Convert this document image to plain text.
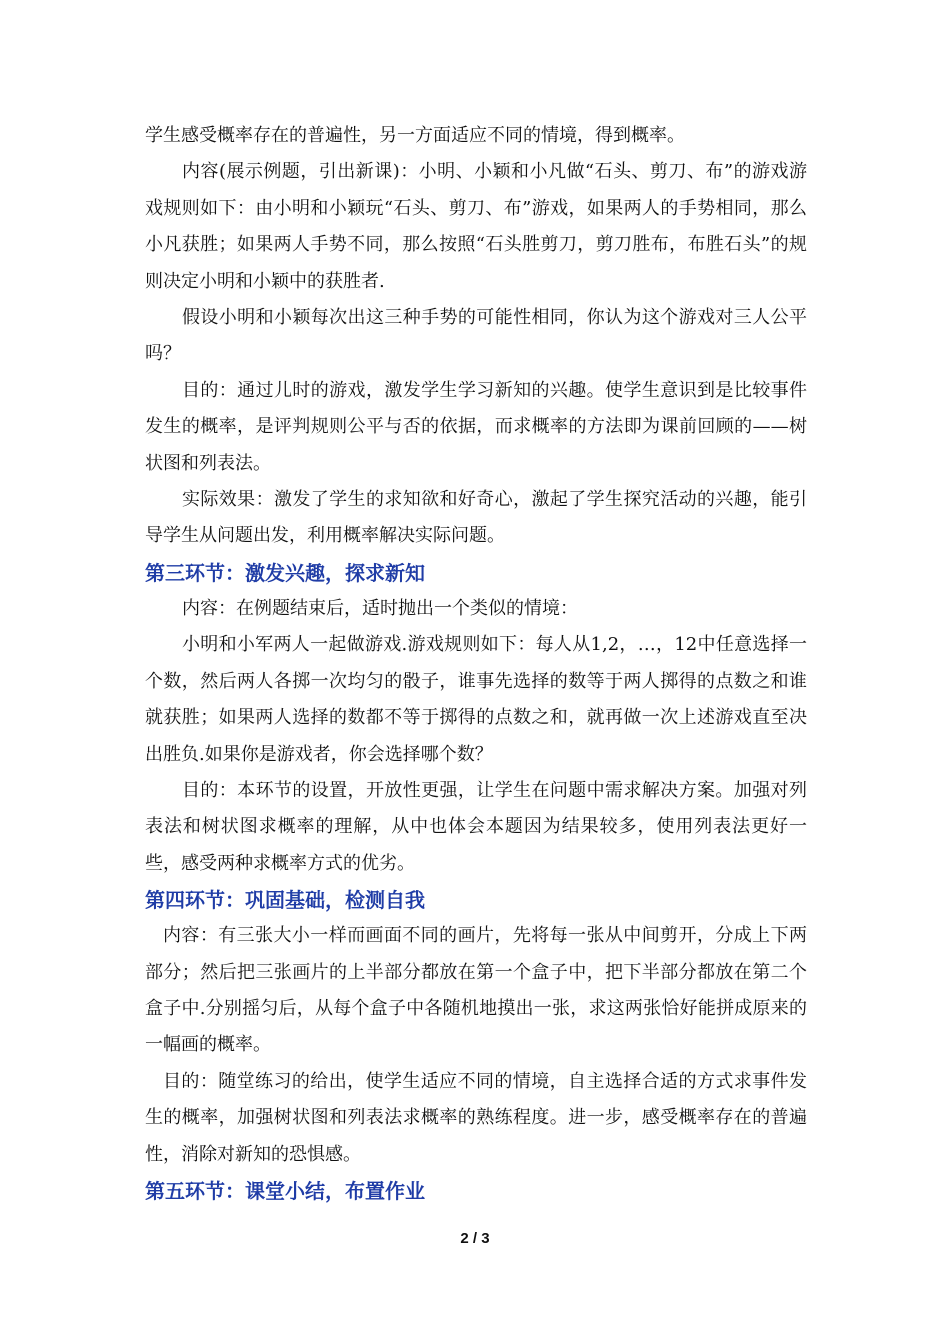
学生感受概率存在的普遍性，另一方面适应不同的情境，得到概率。

内容(展示例题，引出新课)：小明、小颖和小凡做“石头、剪刀、布”的游戏游戏规则如下：由小明和小颖玩“石头、剪刀、布”游戏，如果两人的手势相同，那么小凡获胜；如果两人手势不同，那么按照“石头胜剪刀，剪刀胜布，布胜石头”的规则决定小明和小颖中的获胜者.

假设小明和小颖每次出这三种手势的可能性相同，你认为这个游戏对三人公平吗？

目的：通过儿时的游戏，激发学生学习新知的兴趣。使学生意识到是比较事件发生的概率，是评判规则公平与否的依据，而求概率的方法即为课前回顾的——树状图和列表法。

实际效果：激发了学生的求知欲和好奇心，激起了学生探究活动的兴趣，能引导学生从问题出发，利用概率解决实际问题。

第三环节：激发兴趣，探求新知

内容：在例题结束后，适时抛出一个类似的情境：

小明和小军两人一起做游戏.游戏规则如下：每人从1,2，…，12中任意选择一个数，然后两人各掷一次均匀的骰子，谁事先选择的数等于两人掷得的点数之和谁就获胜；如果两人选择的数都不等于掷得的点数之和，就再做一次上述游戏直至决出胜负.如果你是游戏者，你会选择哪个数？

目的：本环节的设置，开放性更强，让学生在问题中需求解决方案。加强对列表法和树状图求概率的理解，从中也体会本题因为结果较多，使用列表法更好一些，感受两种求概率方式的优劣。

第四环节：巩固基础，检测自我

内容：有三张大小一样而画面不同的画片，先将每一张从中间剪开，分成上下两部分；然后把三张画片的上半部分都放在第一个盒子中，把下半部分都放在第二个盒子中.分别摇匀后，从每个盒子中各随机地摸出一张，求这两张恰好能拼成原来的一幅画的概率。

目的：随堂练习的给出，使学生适应不同的情境，自主选择合适的方式求事件发生的概率，加强树状图和列表法求概率的熟练程度。进一步，感受概率存在的普遍性，消除对新知的恐惧感。

第五环节：课堂小结，布置作业
2 / 3
